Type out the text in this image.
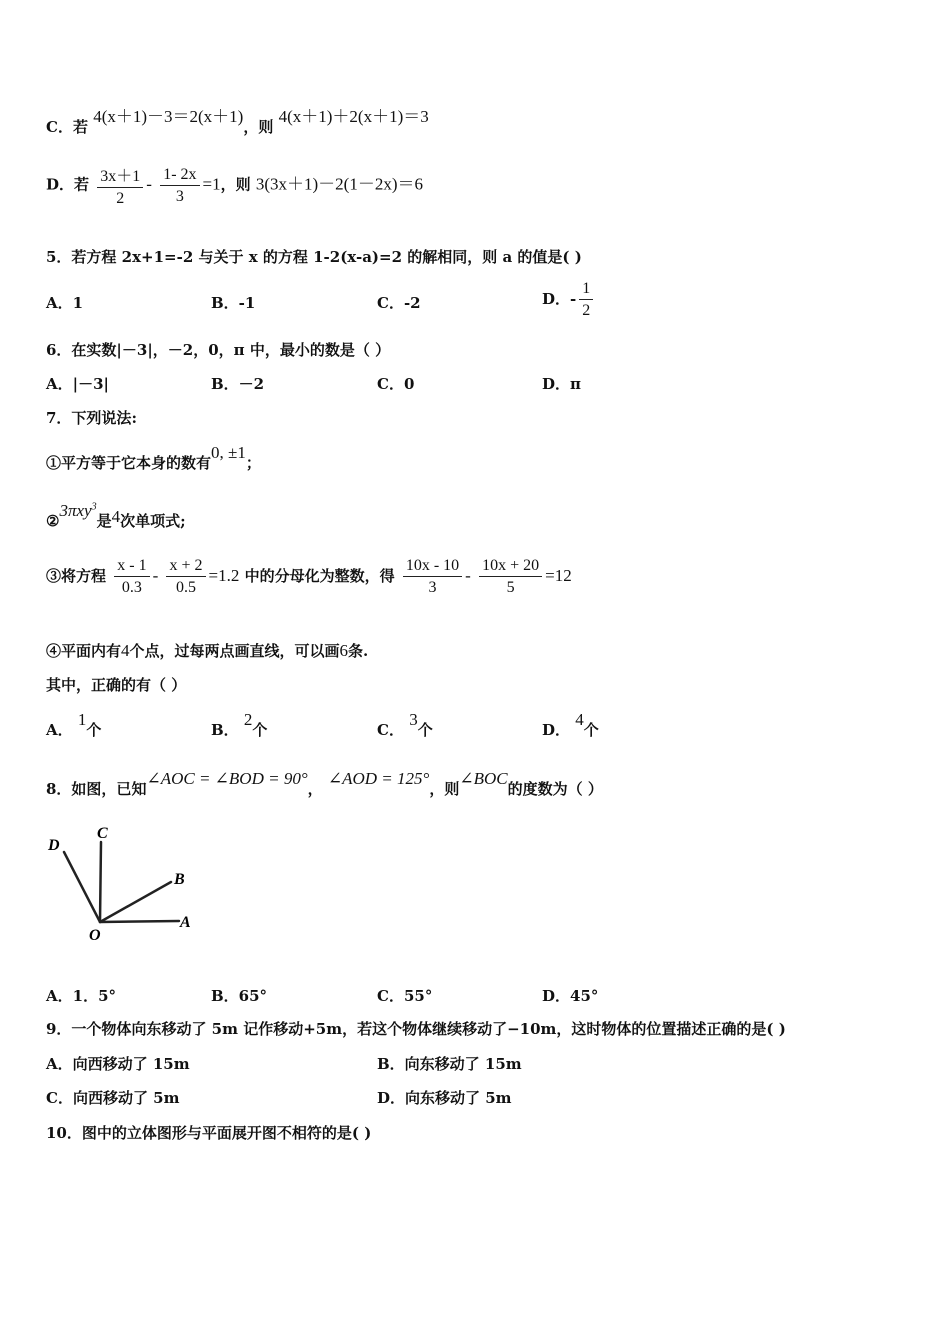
C．若 4(x＋1)－3＝2(x＋1)，则 4(x＋1)＋2(x＋1)＝3
D．若 $\frac{3x+1}{2} - \frac{1- 2x}{3} =1$，则 3(3x＋1)－2(1－2x)＝6
5．若方程 2x+1=-2 与关于 x 的方程 1-2(x-a)=2 的解相同，则 a 的值是( )
A．1	B．-1	C．-2	D．- $\frac{1}{2}$
6．在实数|－3|，－2，0，π 中，最小的数是（ ）
A．|－3|	B．－2	C．0	D．π
7．下列说法:
①平方等于它本身的数有0, ±1；
②3πxy$^3$是4次单项式;
③将方程 $\frac{x - 1}{0.3} - \frac{x + 2}{0.5} =1.2$ 中的分母化为整数，得 $\frac{10x - 10}{3} - \frac{10x + 20}{5} =12$
④平面内有4个点，过每两点画直线，可以画6条.
其中，正确的有（ ）
A． 1个	B． 2个	C． 3个	D． 4个
8．如图，已知∠AOC = ∠BOD = 90°， ∠AOD = 125°，则∠BOC的度数为（ ）
D
C
B
O
A
A．1．5°	B．65°	C．55°	D．45°
9．一个物体向东移动了 5m 记作移动+5m，若这个物体继续移动了−10m，这时物体的位置描述正确的是( )
A．向西移动了 15m	B．向东移动了 15m
C．向西移动了 5m	D．向东移动了 5m
10．图中的立体图形与平面展开图不相符的是( )
